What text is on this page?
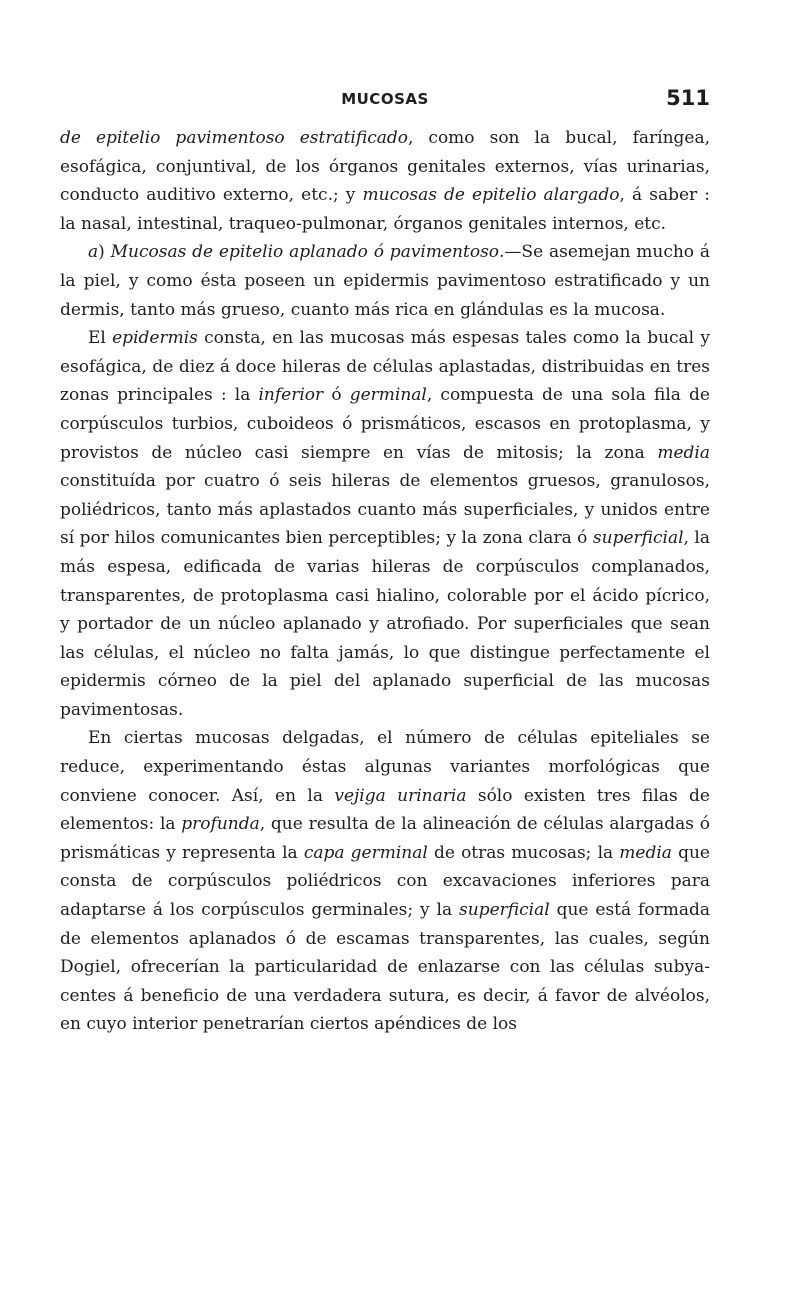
MUCOSAS	511

de epitelio pavimentoso estratificado, como son la bucal, faríngea, esofágica, conjuntival, de los órganos genitales externos, vías urinarias, conducto auditivo externo, etc.; y mucosas de epitelio alargado, á saber : la nasal, intestinal, traqueo-pulmonar, órganos genitales internos, etc.

a) Mucosas de epitelio aplanado ó pavimentoso.—Se asemejan mucho á la piel, y como ésta poseen un epidermis pavimentoso estratificado y un dermis, tanto más grueso, cuanto más rica en glándulas es la mucosa.

El epidermis consta, en las mucosas más espesas tales como la bucal y esofágica, de diez á doce hileras de células aplastadas, distribuidas en tres zonas principales : la inferior ó germinal, compuesta de una sola fila de corpúsculos turbios, cuboideos ó prismáticos, escasos en protoplasma, y provistos de núcleo casi siempre en vías de mitosis; la zona media constituída por cuatro ó seis hileras de elementos gruesos, granulosos, poliédricos, tanto más aplastados cuanto más superficiales, y unidos entre sí por hilos comunicantes bien perceptibles; y la zona clara ó superficial, la más espesa, edificada de varias hileras de corpúsculos complanados, transparentes, de protoplasma casi hialino, colorable por el ácido pícrico, y portador de un núcleo aplanado y atrofiado. Por superficiales que sean las células, el núcleo no falta jamás, lo que distingue perfectamente el epidermis córneo de la piel del aplanado superficial de las mucosas pavimentosas.

En ciertas mucosas delgadas, el número de células epiteliales se reduce, experimentando éstas algunas variantes morfológicas que conviene conocer. Así, en la vejiga urinaria sólo existen tres filas de elementos: la profunda, que resulta de la alineación de células alargadas ó prismáticas y representa la capa germinal de otras mucosas; la media que consta de corpúsculos poliédricos con excavaciones inferiores para adaptarse á los corpúsculos germinales; y la superficial que está formada de elementos aplanados ó de escamas transparentes, las cuales, según Dogiel, ofrecerían la particularidad de enlazarse con las células subyacentes á beneficio de una verdadera sutura, es decir, á favor de alvéolos, en cuyo interior penetrarían ciertos apéndices de los
